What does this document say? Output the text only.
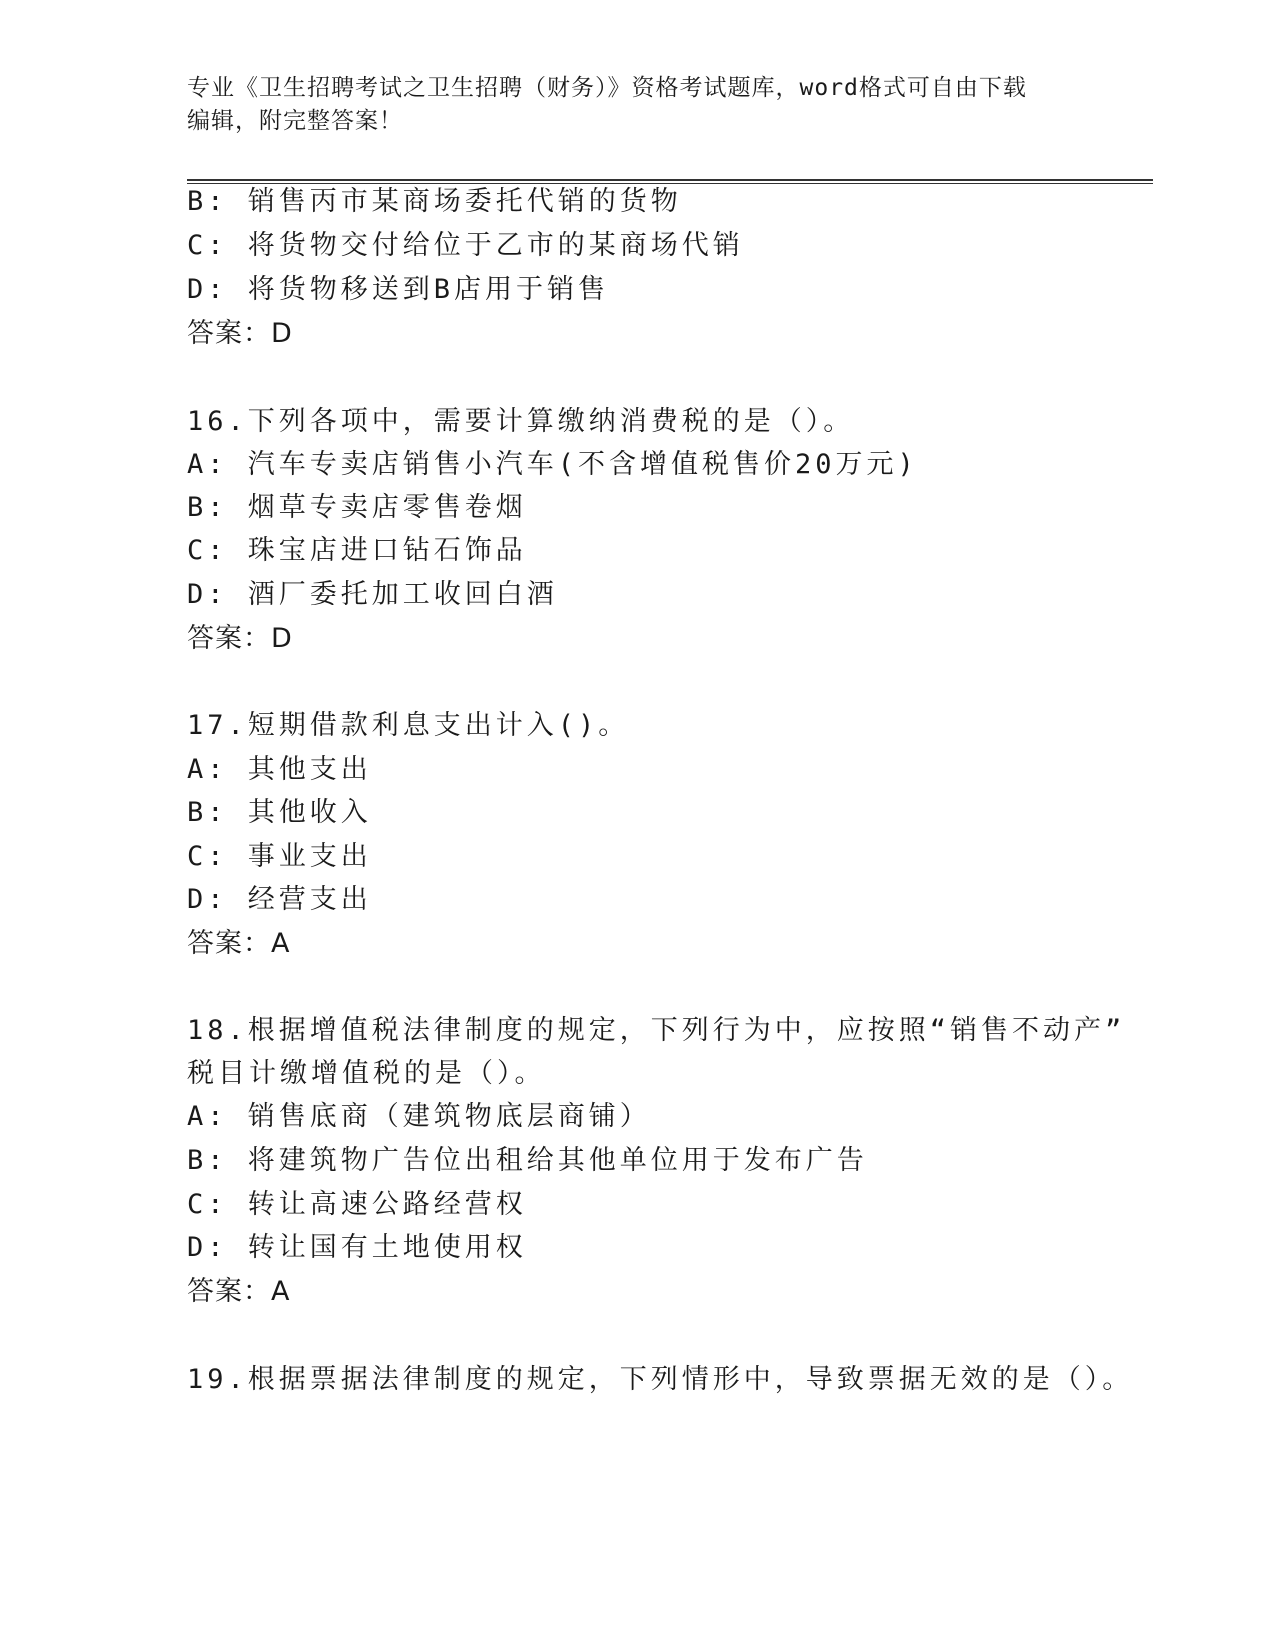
专业《卫生招聘考试之卫生招聘（财务）》资格考试题库，word格式可自由下载
编辑，附完整答案！
B: 销售丙市某商场委托代销的货物
C: 将货物交付给位于乙市的某商场代销
D: 将货物移送到B店用于销售
答案：D
16.下列各项中，需要计算缴纳消费税的是（）。
A: 汽车专卖店销售小汽车(不含增值税售价20万元)
B: 烟草专卖店零售卷烟
C: 珠宝店进口钻石饰品
D: 酒厂委托加工收回白酒
答案：D
17.短期借款利息支出计入()。
A: 其他支出
B: 其他收入
C: 事业支出
D: 经营支出
答案：A
18.根据增值税法律制度的规定，下列行为中，应按照“销售不动产”
税目计缴增值税的是（）。
A: 销售底商（建筑物底层商铺）
B: 将建筑物广告位出租给其他单位用于发布广告
C: 转让高速公路经营权
D: 转让国有土地使用权
答案：A
19.根据票据法律制度的规定，下列情形中，导致票据无效的是（）。
